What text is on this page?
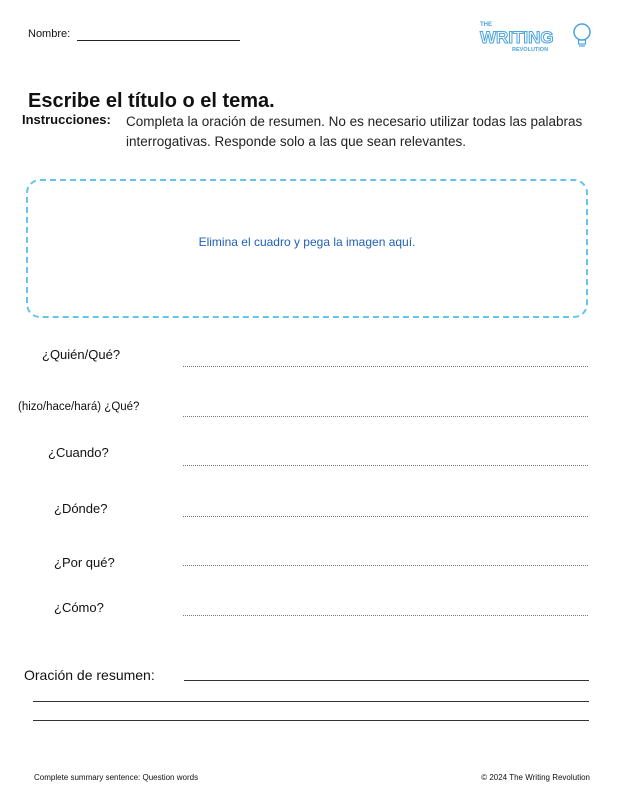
Nombre:
THE
WRITING
REVOLUTION
Escribe el título o el tema.
Instrucciones: Completa la oración de resumen. No es necesario utilizar todas las palabras interrogativas. Responde solo a las que sean relevantes.
Elimina el cuadro y pega la imagen aquí.
¿Quién/Qué?
(hizo/hace/hará) ¿Qué?
¿Cuando?
¿Dónde?
¿Por qué?
¿Cómo?
Oración de resumen:
Complete summary sentence: Question words	© 2024 The Writing Revolution
